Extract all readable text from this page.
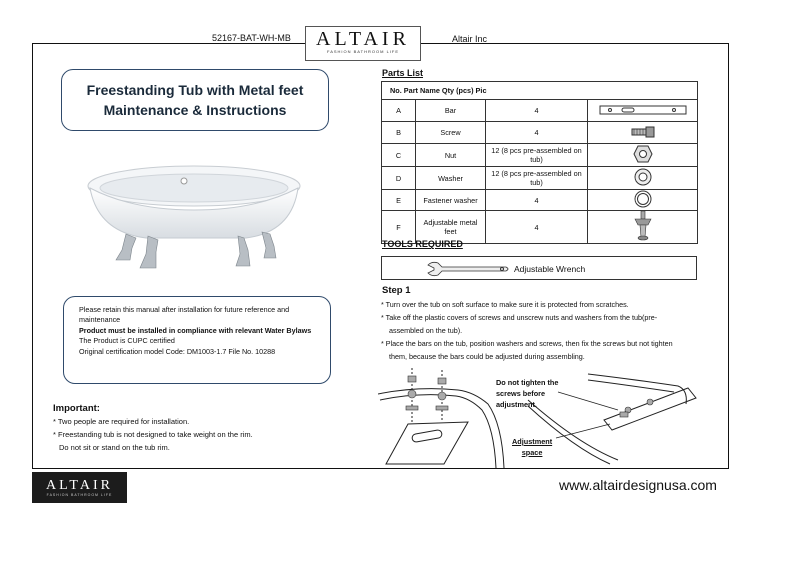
52167-BAT-WH-MB	ALTAIR
FASHION BATHROOM LIFE
Altair Inc
Freestanding Tub with Metal feet
Maintenance & Instructions
Please retain this manual after installation for future reference and maintenance
Product must be installed in compliance with relevant Water Bylaws
The Product is CUPC certified
Original certification model Code: DM1003-1.7 File No. 10288
Important:
* Two people are required for installation.
* Freestanding tub is not designed to take weight on the rim.
Do not sit or stand on the tub rim.
Parts List
No. Part Name Qty (pcs) Pic			
A	Bar	4	
B	Screw	4	
C	Nut	12 (8 pcs pre-assembled on tub)	
D	Washer	12 (8 pcs pre-assembled on tub)	
E	Fastener washer	4	
F	Adjustable metal feet	4	
TOOLS REQUIRED
Adjustable Wrench
Step 1

* Turn over the tub on soft surface to make sure it is protected from scratches.

* Take off the plastic covers of screws and unscrew nuts and washers from the tub(pre-assembled on the tub).

* Place the bars on the tub, position washers and screws, then fix the screws but not tighten them, because the bars could be adjusted during assembling.

Do not tighten the screws before adjustment.
Adjustment
space
ALTAIR
FASHION BATHROOM LIFE
www.altairdesignusa.com
